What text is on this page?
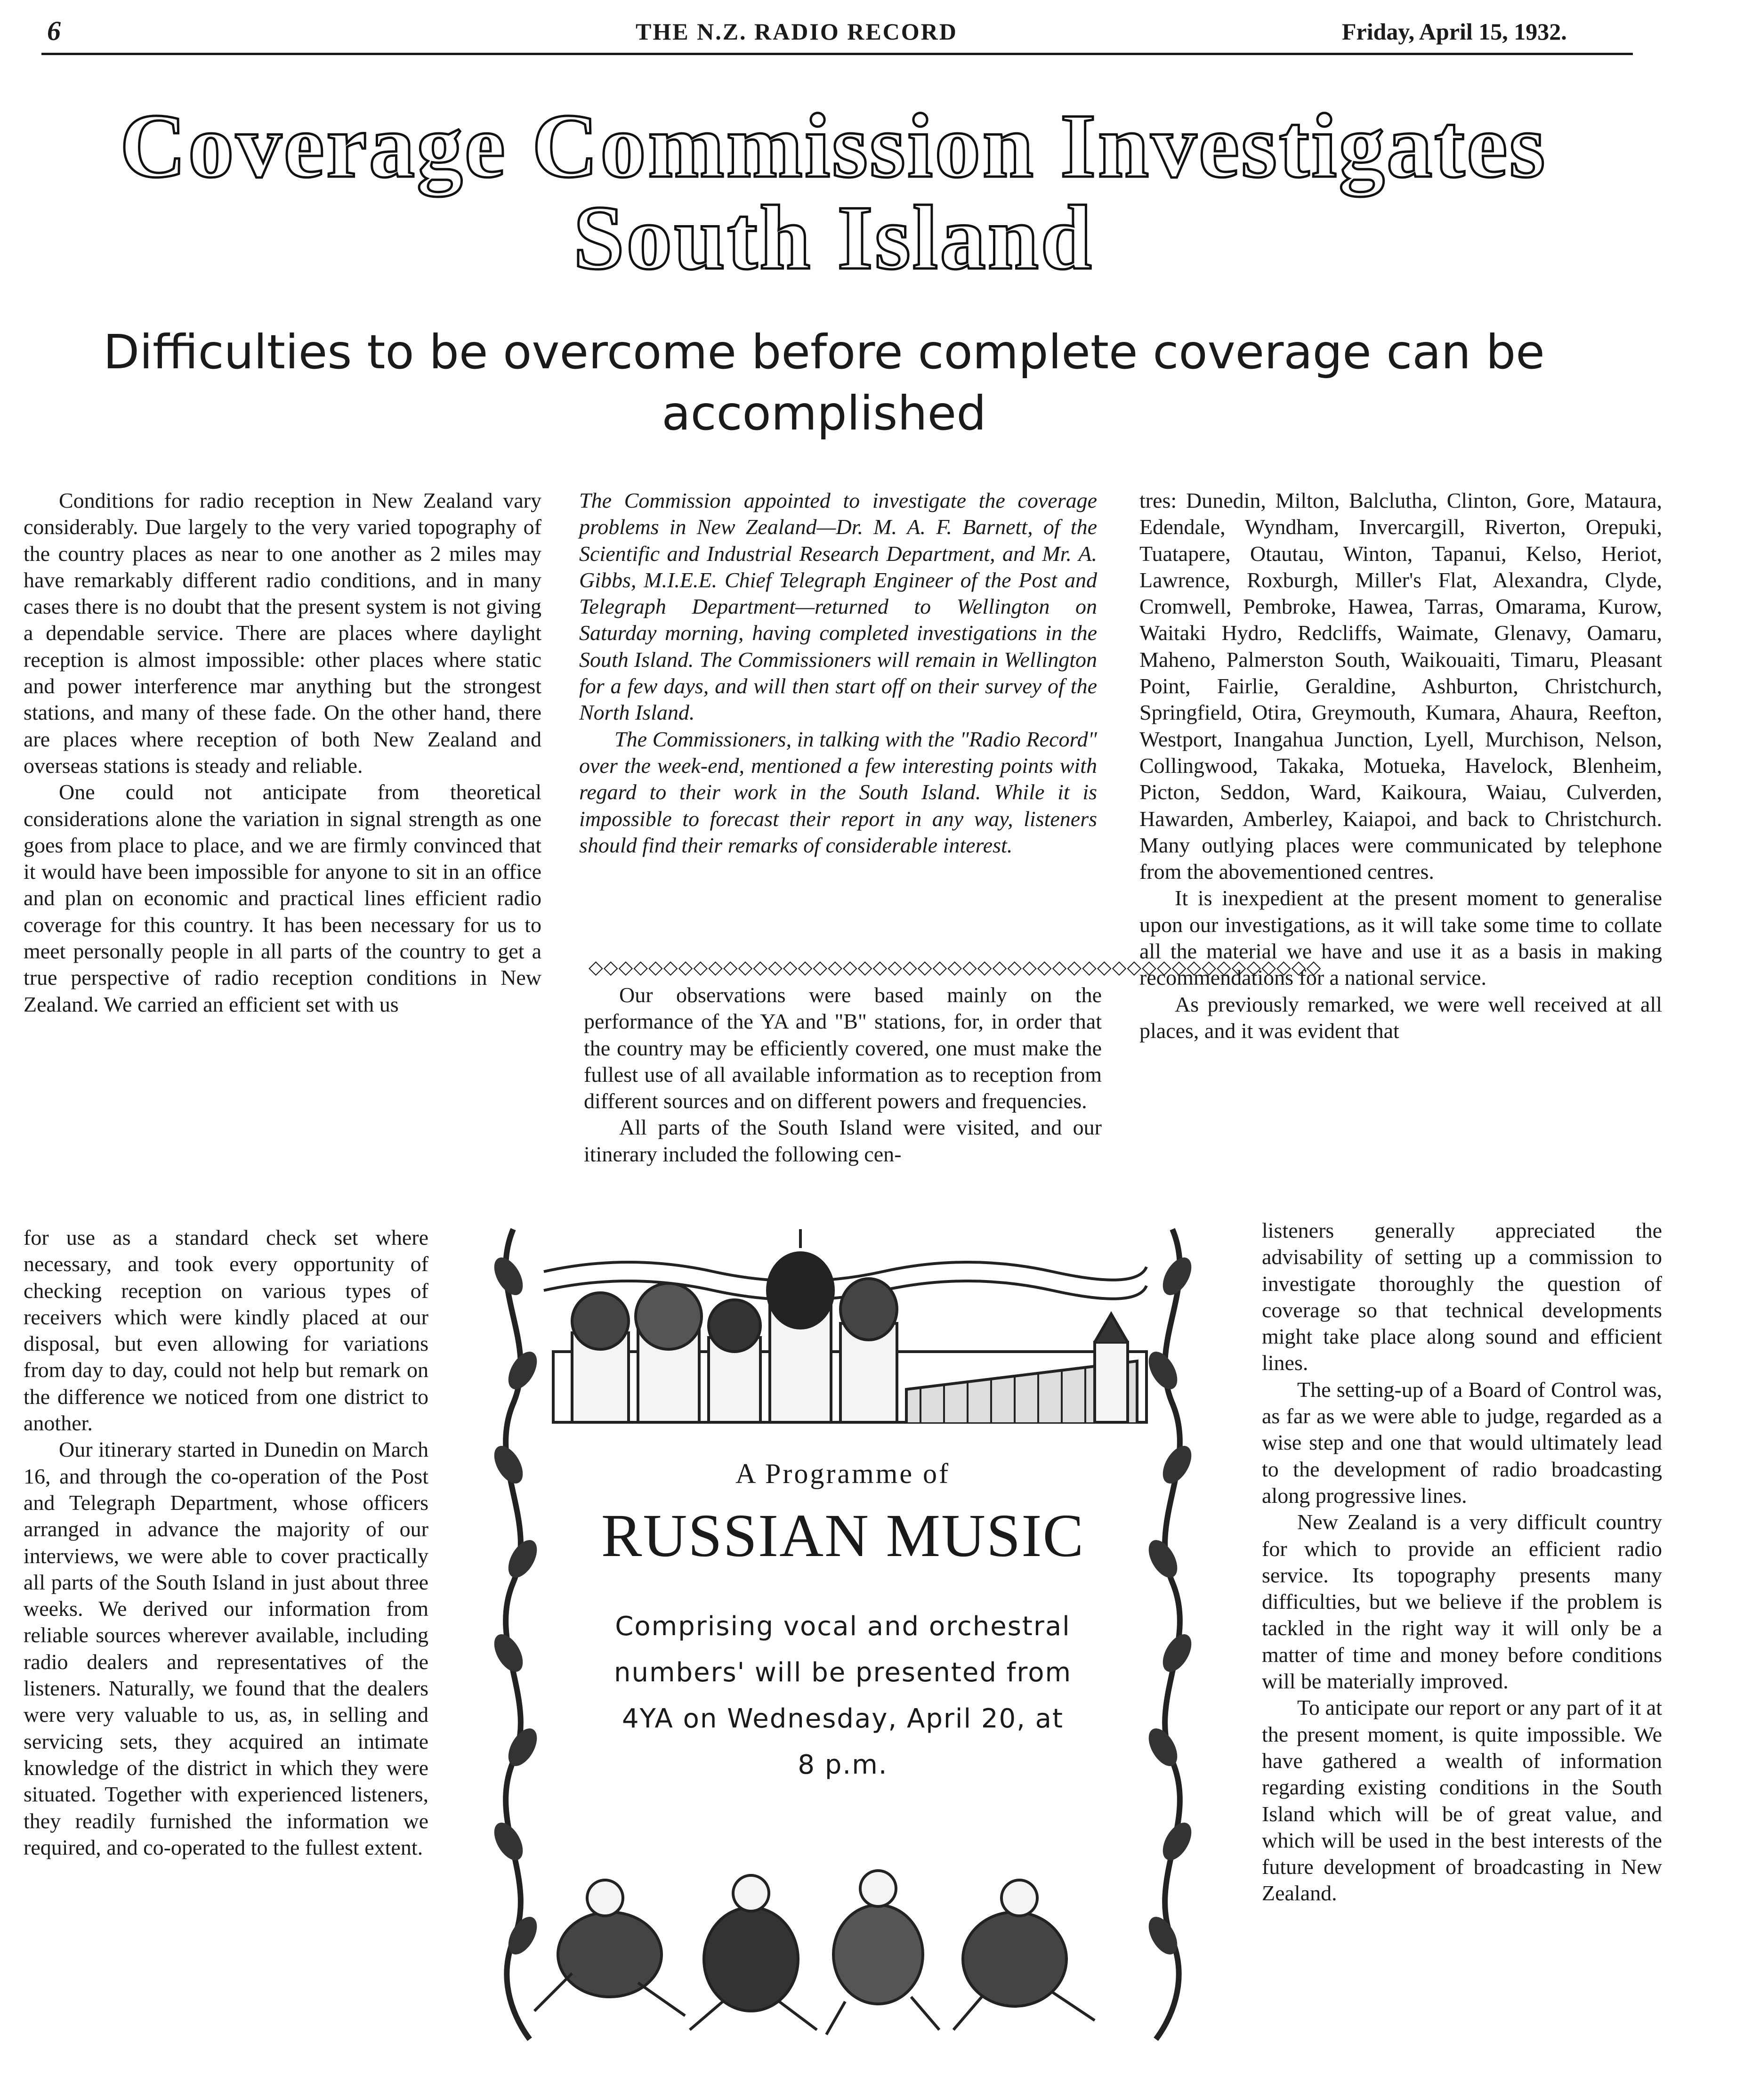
6	THE N.Z. RADIO RECORD	Friday, April 15, 1932.
Coverage Commission Investigates
South Island
Difficulties to be overcome before complete coverage can be
accomplished

Conditions for radio reception in New Zealand vary considerably. Due largely to the very varied topography of the country places as near to one another as 2 miles may have remarkably different radio conditions, and in many cases there is no doubt that the present system is not giving a dependable service. There are places where daylight reception is almost impossible: other places where static and power interference mar anything but the strongest stations, and many of these fade. On the other hand, there are places where reception of both New Zealand and overseas stations is steady and reliable.

One could not anticipate from theoretical considerations alone the variation in signal strength as one goes from place to place, and we are firmly convinced that it would have been impossible for anyone to sit in an office and plan on economic and practical lines efficient radio coverage for this country. It has been necessary for us to meet personally people in all parts of the country to get a true perspective of radio reception conditions in New Zealand. We carried an efficient set with us

for use as a standard check set where necessary, and took every opportunity of checking reception on various types of receivers which were kindly placed at our disposal, but even allowing for variations from day to day, could not help but remark on the difference we noticed from one district to another.

Our itinerary started in Dunedin on March 16, and through the co-operation of the Post and Telegraph Department, whose officers arranged in advance the majority of our interviews, we were able to cover practically all parts of the South Island in just about three weeks. We derived our information from reliable sources wherever available, including radio dealers and representatives of the listeners. Naturally, we found that the dealers were very valuable to us, as, in selling and servicing sets, they acquired an intimate knowledge of the district in which they were situated. Together with experienced listeners, they readily furnished the information we required, and co-operated to the fullest extent.

The Commission appointed to investigate the coverage problems in New Zealand—Dr. M. A. F. Barnett, of the Scientific and Industrial Research Department, and Mr. A. Gibbs, M.I.E.E. Chief Telegraph Engineer of the Post and Telegraph Department—returned to Wellington on Saturday morning, having completed investigations in the South Island. The Commissioners will remain in Wellington for a few days, and will then start off on their survey of the North Island.

The Commissioners, in talking with the "Radio Record" over the week-end, mentioned a few interesting points with regard to their work in the South Island. While it is impossible to forecast their report in any way, listeners should find their remarks of considerable interest.

◇◇◇◇◇◇◇◇◇◇◇◇◇◇◇◇◇◇◇◇◇◇◇◇◇◇◇◇◇◇◇◇◇◇◇◇◇◇◇◇◇◇◇◇◇◇◇◇◇

Our observations were based mainly on the performance of the YA and "B" stations, for, in order that the country may be efficiently covered, one must make the fullest use of all available information as to reception from different sources and on different powers and frequencies.

All parts of the South Island were visited, and our itinerary included the following cen-

tres: Dunedin, Milton, Balclutha, Clinton, Gore, Mataura, Edendale, Wyndham, Invercargill, Riverton, Orepuki, Tuatapere, Otautau, Winton, Tapanui, Kelso, Heriot, Lawrence, Roxburgh, Miller's Flat, Alexandra, Clyde, Cromwell, Pembroke, Hawea, Tarras, Omarama, Kurow, Waitaki Hydro, Redcliffs, Waimate, Glenavy, Oamaru, Maheno, Palmerston South, Waikouaiti, Timaru, Pleasant Point, Fairlie, Geraldine, Ashburton, Christchurch, Springfield, Otira, Greymouth, Kumara, Ahaura, Reefton, Westport, Inangahua Junction, Lyell, Murchison, Nelson, Collingwood, Takaka, Motueka, Havelock, Blenheim, Picton, Seddon, Ward, Kaikoura, Waiau, Culverden, Hawarden, Amberley, Kaiapoi, and back to Christchurch. Many outlying places were communicated by telephone from the abovementioned centres.

It is inexpedient at the present moment to generalise upon our investigations, as it will take some time to collate all the material we have and use it as a basis in making recommendations for a national service.

As previously remarked, we were well received at all places, and it was evident that

listeners generally appreciated the advisability of setting up a commission to investigate thoroughly the question of coverage so that technical developments might take place along sound and efficient lines.

The setting-up of a Board of Control was, as far as we were able to judge, regarded as a wise step and one that would ultimately lead to the development of radio broadcasting along progressive lines.

New Zealand is a very difficult country for which to provide an efficient radio service. Its topography presents many difficulties, but we believe if the problem is tackled in the right way it will only be a matter of time and money before conditions will be materially improved.

To anticipate our report or any part of it at the present moment, is quite impossible. We have gathered a wealth of information regarding existing conditions in the South Island which will be of great value, and which will be used in the best interests of the future development of broadcasting in New Zealand.

A Programme of
RUSSIAN MUSIC
Comprising vocal and orchestral
numbers' will be presented from
4YA on Wednesday, April 20, at
8 p.m.
